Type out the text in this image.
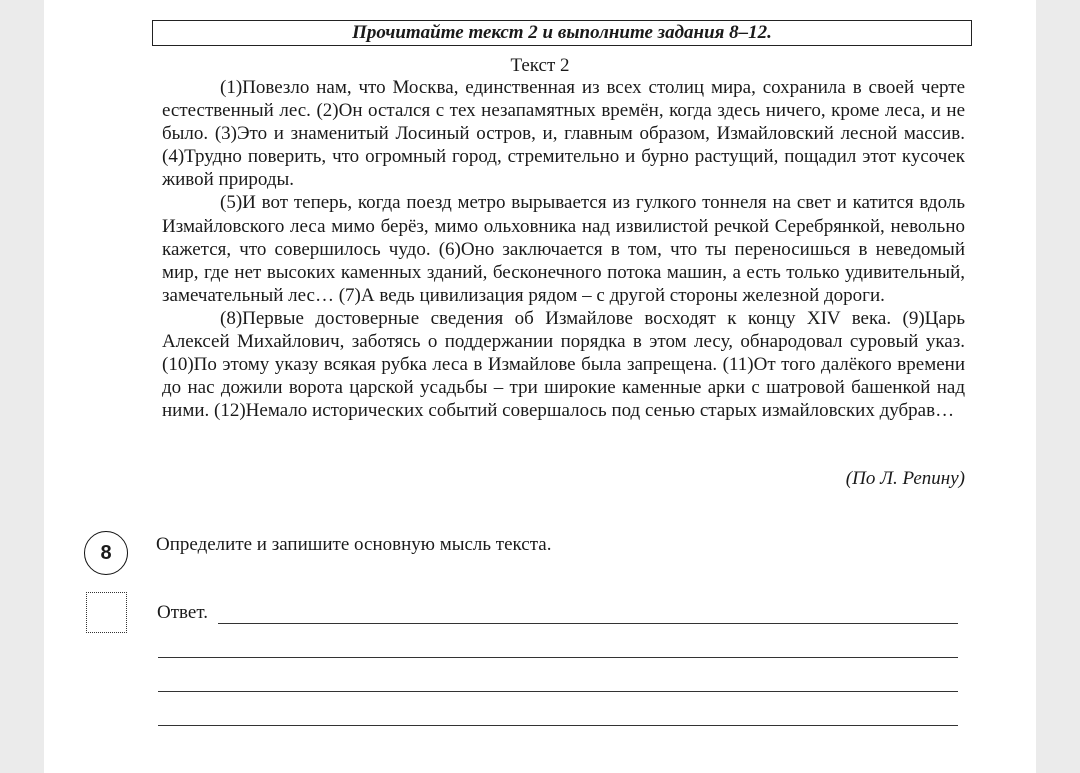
Прочитайте текст 2 и выполните задания 8–12.
Текст 2

(1)Повезло нам, что Москва, единственная из всех столиц мира, сохранила в своей черте естественный лес. (2)Он остался с тех незапамятных времён, когда здесь ничего, кроме леса, и не было. (3)Это и знаменитый Лосиный остров, и, главным образом, Измайловский лесной массив. (4)Трудно поверить, что огромный город, стремительно и бурно растущий, пощадил этот кусочек живой природы.

(5)И вот теперь, когда поезд метро вырывается из гулкого тоннеля на свет и катится вдоль Измайловского леса мимо берёз, мимо ольховника над извилистой речкой Серебрянкой, невольно кажется, что совершилось чудо. (6)Оно заключается в том, что ты переносишься в неведомый мир, где нет высоких каменных зданий, бесконечного потока машин, а есть только удивительный, замечательный лес… (7)А ведь цивилизация рядом – с другой стороны железной дороги.

(8)Первые достоверные сведения об Измайлове восходят к концу XIV века. (9)Царь Алексей Михайлович, заботясь о поддержании порядка в этом лесу, обнародовал суровый указ. (10)По этому указу всякая рубка леса в Измайлове была запрещена. (11)От того далёкого времени до нас дожили ворота царской усадьбы – три широкие каменные арки с шатровой башенкой над ними. (12)Немало исторических событий совершалось под сенью старых измайловских дубрав…

(По Л. Репину)
8	Определите и запишите основную мысль текста.
Ответ.
